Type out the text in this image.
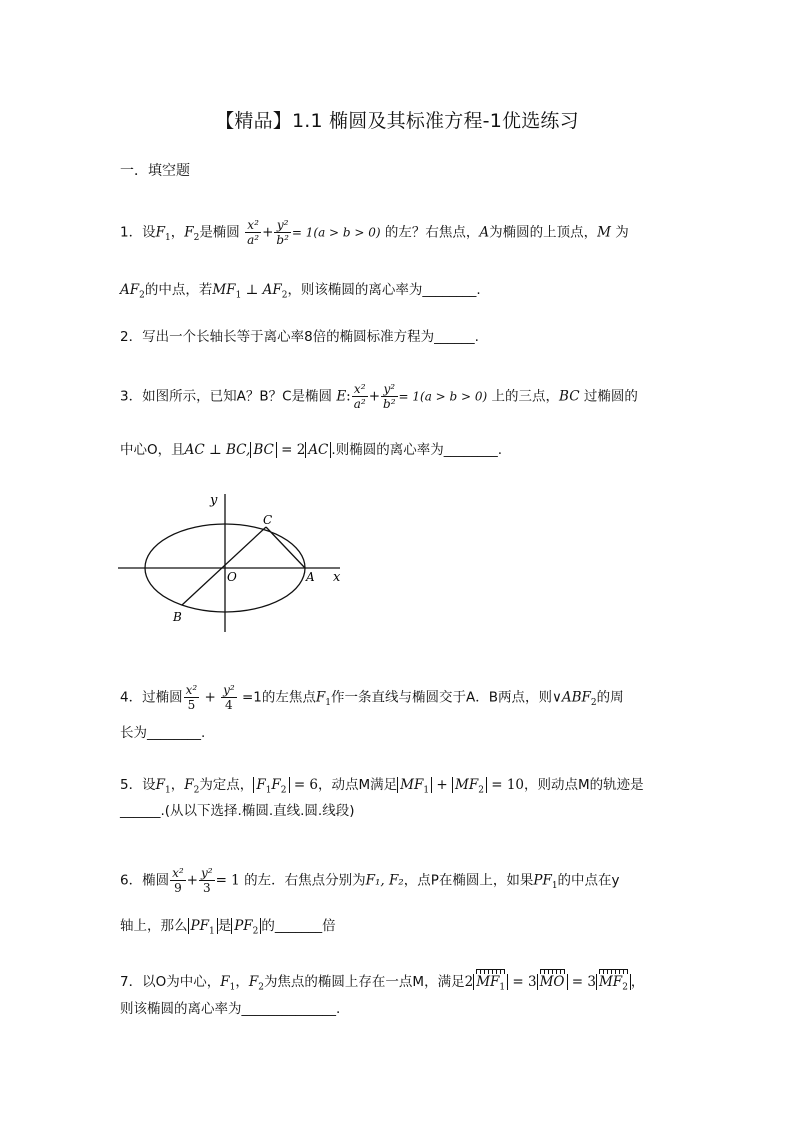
【精品】1.1 椭圆及其标准方程-1优选练习
一．填空题
1．设$F_1$，$F_2$是椭圆 $\frac{\text{x²}}{\text{a²}} + \frac{\text{y²}}{\text{b²}} = 1(a > b > 0)$ 的左？右焦点，A为椭圆的上顶点，M 为
$AF_2$的中点，若$MF_1$ ⊥ $AF_2$，则该椭圆的离心率为________.
2．写出一个长轴长等于离心率8倍的椭圆标准方程为______.
3．如图所示，已知A？B？C是椭圆 E: $\frac{\text{x²}}{\text{a²}} + \frac{\text{y²}}{\text{b²}} = 1(a > b > 0)$ 上的三点，BC 过椭圆的
中心O，且AC ⊥ BC, BC = 2 AC .则椭圆的离心率为________.
y
x
O	A
B
C
4．过椭圆 $\frac{\text{x²}}{5} + \frac{\text{y²}}{4} =1$的左焦点$F_1$作一条直线与椭圆交于A．B两点，则$\vee ABF_2$的周
长为________.
5．设$F_1$，$F_2$为定点， $F_1F_2 = 6$，动点M满足 $MF_1 + MF_2 = 10$，则动点M的轨迹是
______.(从以下选择.椭圆.直线.圆.线段)
6．椭圆 $\frac{\text{x²}}{9} + \frac{\text{y²}}{3} = 1$ 的左．右焦点分别为F₁, F₂，点P在椭圆上，如果$PF_1$的中点在y
轴上，那么 $PF_1$ 是 $PF_2$ 的_______倍
7．以O为中心，$F_1$，$F_2$为焦点的椭圆上存在一点M，满足2 $MF_1 = 3$ MO = 3 $MF_2$ ，
则该椭圆的离心率为______________.
